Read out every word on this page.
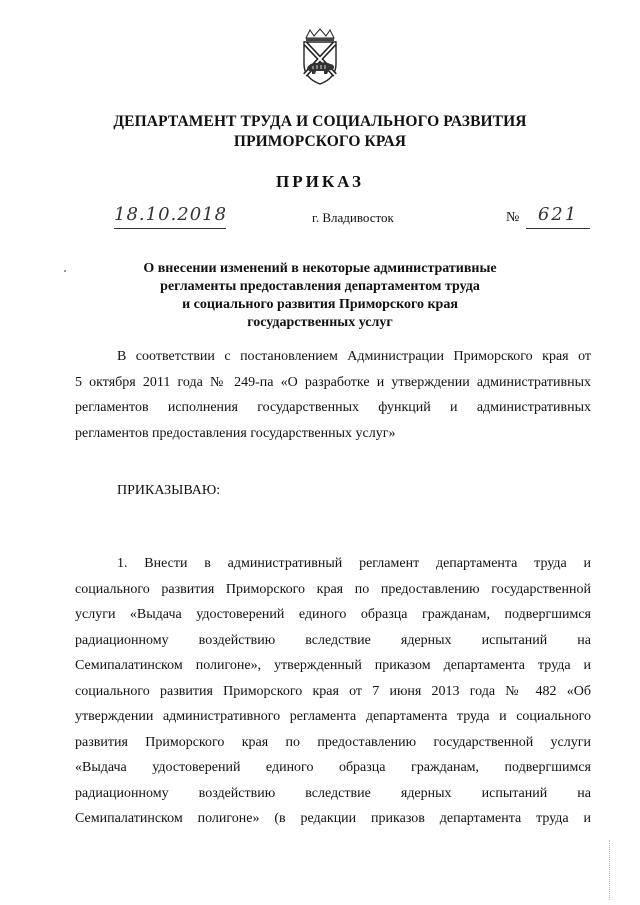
ДЕПАРТАМЕНТ ТРУДА И СОЦИАЛЬНОГО РАЗВИТИЯ
ПРИМОРСКОГО КРАЯ
ПРИКАЗ
18.10.2018	г. Владивосток	№	621
О внесении изменений в некоторые административные
регламенты предоставления департаментом труда
и социального развития Приморского края
государственных услуг
В соответствии с постановлением Администрации Приморского края от
5 октября 2011 года № 249-па «О разработке и утверждении административных
регламентов исполнения государственных функций и административных
регламентов предоставления государственных услуг»
ПРИКАЗЫВАЮ:
1. Внести в административный регламент департамента труда и
социального развития Приморского края по предоставлению государственной
услуги «Выдача удостоверений единого образца гражданам, подвергшимся
радиационному воздействию вследствие ядерных испытаний на
Семипалатинском полигоне», утвержденный приказом департамента труда и
социального развития Приморского края от 7 июня 2013 года № 482 «Об
утверждении административного регламента департамента труда и социального
развития Приморского края по предоставлению государственной услуги
«Выдача удостоверений единого образца гражданам, подвергшимся
радиационному воздействию вследствие ядерных испытаний на
Семипалатинском полигоне» (в редакции приказов департамента труда и
